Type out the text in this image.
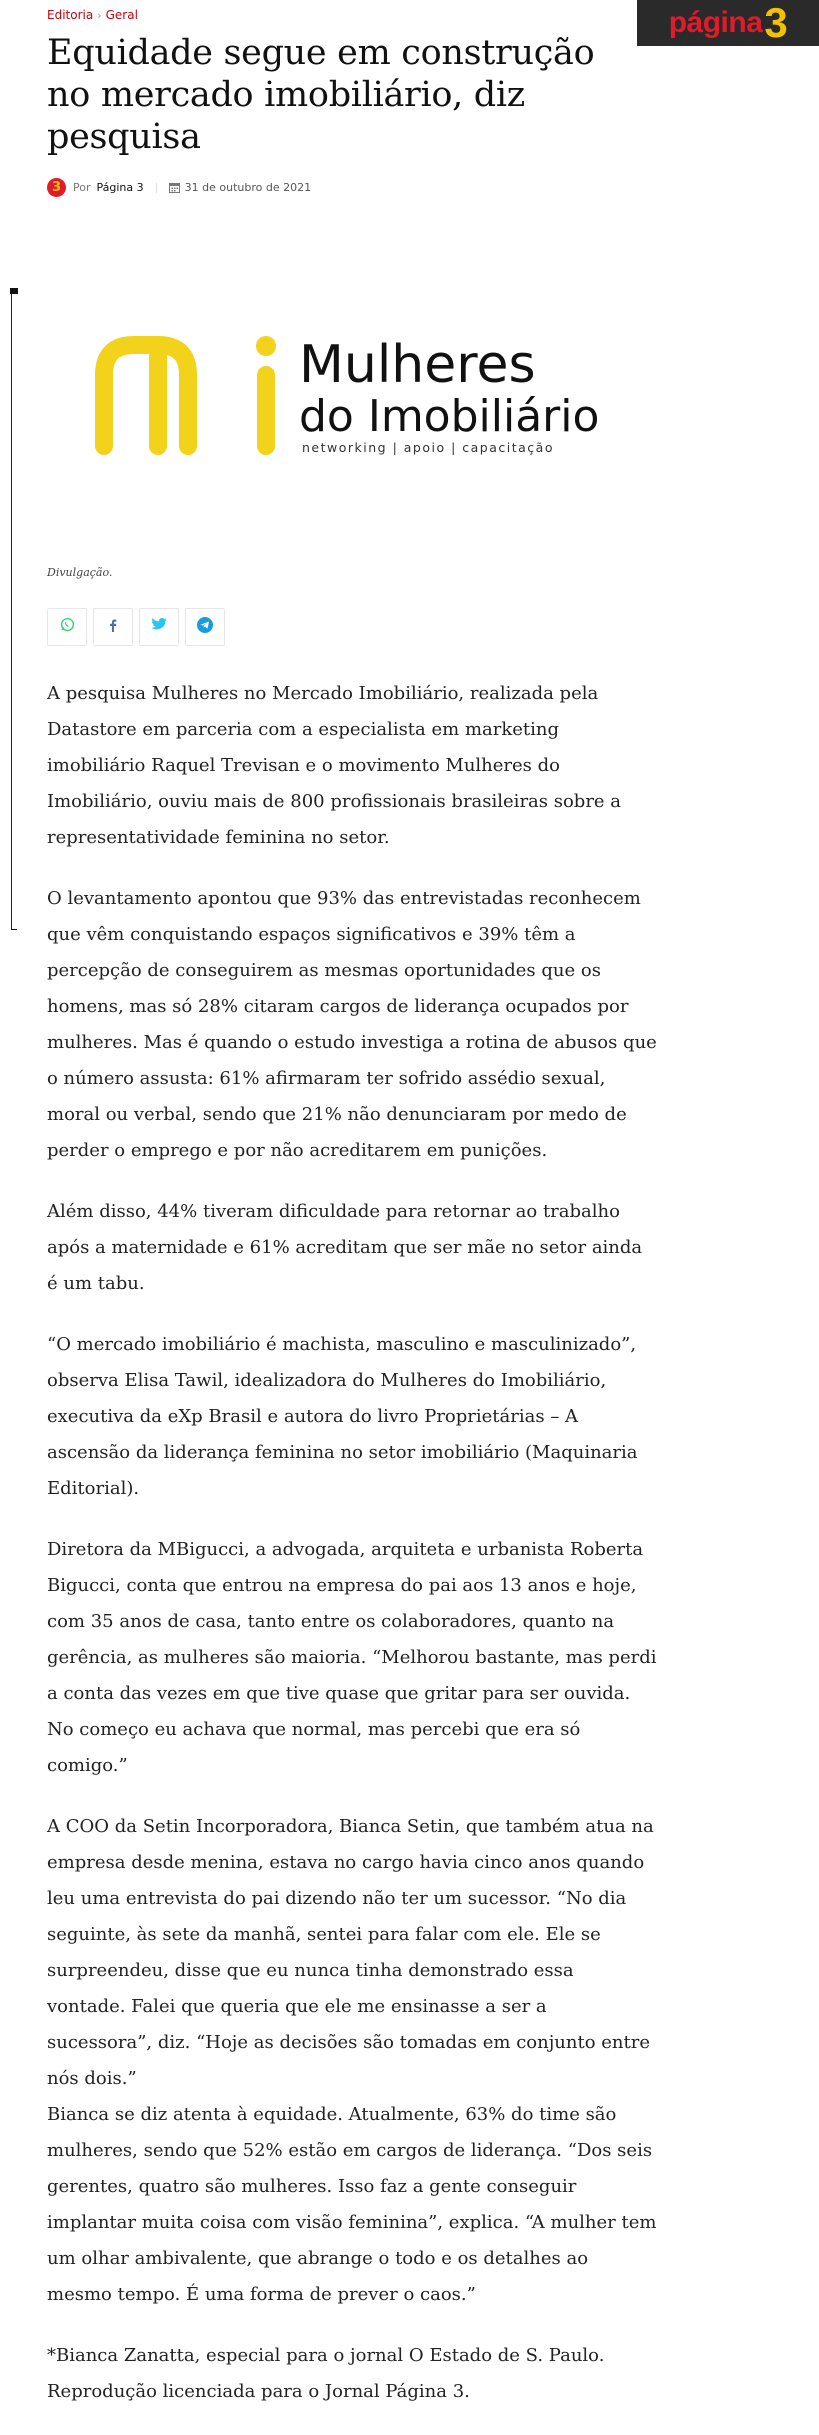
página 3
Editoria › Geral
Equidade segue em construção no mercado imobiliário, diz pesquisa
3	Por Página 3	31 de outubro de 2021
Mulheres
do Imobiliário
networking | apoio | capacitação
Divulgação.

A pesquisa Mulheres no Mercado Imobiliário, realizada pela Datastore em parceria com a especialista em marketing imobiliário Raquel Trevisan e o movimento Mulheres do Imobiliário, ouviu mais de 800 profissionais brasileiras sobre a representatividade feminina no setor.

O levantamento apontou que 93% das entrevistadas reconhecem que vêm conquistando espaços significativos e 39% têm a percepção de conseguirem as mesmas oportunidades que os homens, mas só 28% citaram cargos de liderança ocupados por mulheres. Mas é quando o estudo investiga a rotina de abusos que o número assusta: 61% afirmaram ter sofrido assédio sexual, moral ou verbal, sendo que 21% não denunciaram por medo de perder o emprego e por não acreditarem em punições.

Além disso, 44% tiveram dificuldade para retornar ao trabalho após a maternidade e 61% acreditam que ser mãe no setor ainda é um tabu.

“O mercado imobiliário é machista, masculino e masculinizado”, observa Elisa Tawil, idealizadora do Mulheres do Imobiliário, executiva da eXp Brasil e autora do livro Proprietárias – A ascensão da liderança feminina no setor imobiliário (Maquinaria Editorial).

Diretora da MBigucci, a advogada, arquiteta e urbanista Roberta Bigucci, conta que entrou na empresa do pai aos 13 anos e hoje, com 35 anos de casa, tanto entre os colaboradores, quanto na gerência, as mulheres são maioria. “Melhorou bastante, mas perdi a conta das vezes em que tive quase que gritar para ser ouvida. No começo eu achava que normal, mas percebi que era só comigo.”

A COO da Setin Incorporadora, Bianca Setin, que também atua na empresa desde menina, estava no cargo havia cinco anos quando leu uma entrevista do pai dizendo não ter um sucessor. “No dia seguinte, às sete da manhã, sentei para falar com ele. Ele se surpreendeu, disse que eu nunca tinha demonstrado essa vontade. Falei que queria que ele me ensinasse a ser a sucessora”, diz. “Hoje as decisões são tomadas em conjunto entre nós dois.”

Bianca se diz atenta à equidade. Atualmente, 63% do time são mulheres, sendo que 52% estão em cargos de liderança. “Dos seis gerentes, quatro são mulheres. Isso faz a gente conseguir implantar muita coisa com visão feminina”, explica. “A mulher tem um olhar ambivalente, que abrange o todo e os detalhes ao mesmo tempo. É uma forma de prever o caos.”

*Bianca Zanatta, especial para o jornal O Estado de S. Paulo. Reprodução licenciada para o Jornal Página 3.
